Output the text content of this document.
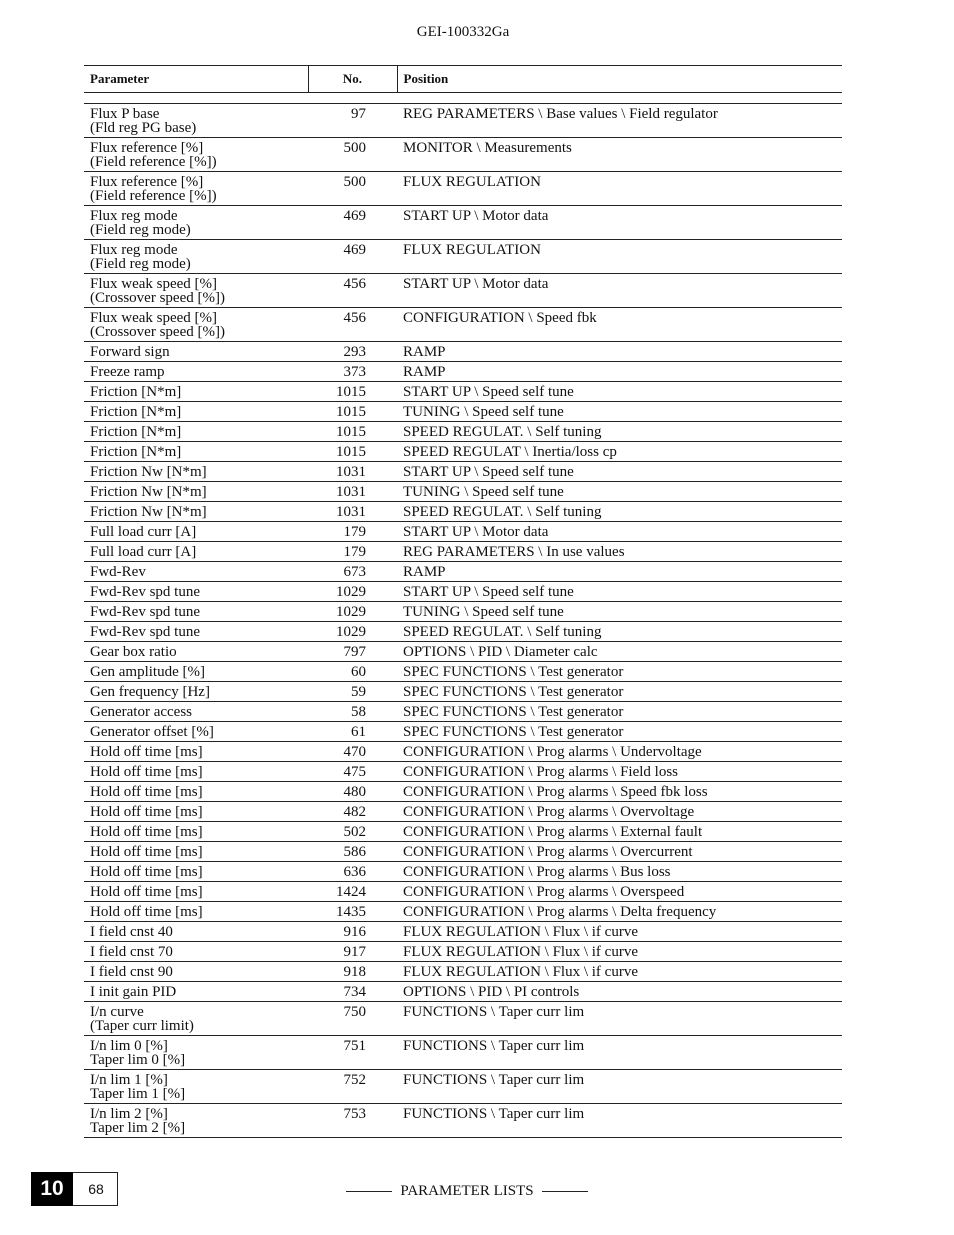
GEI-100332Ga
Parameter	No.	Position

Flux P base
(Fld reg PG base)	97	REG PARAMETERS \ Base values \ Field regulator

Flux reference [%]
(Field reference [%])	500	MONITOR \ Measurements

Flux reference [%]
(Field reference [%])	500	FLUX REGULATION

Flux reg mode
(Field reg mode)	469	START UP \ Motor data

Flux reg mode
(Field reg mode)	469	FLUX REGULATION

Flux weak speed [%]
(Crossover speed [%])	456	START UP \ Motor data

Flux weak speed [%]
(Crossover speed [%])	456	CONFIGURATION \ Speed fbk

Forward sign	293	RAMP

Freeze ramp	373	RAMP

Friction [N*m]	1015	START UP \ Speed self tune

Friction [N*m]	1015	TUNING \ Speed self tune

Friction [N*m]	1015	SPEED REGULAT. \ Self tuning

Friction [N*m]	1015	SPEED REGULAT \ Inertia/loss cp

Friction Nw [N*m]	1031	START UP \ Speed self tune

Friction Nw [N*m]	1031	TUNING \ Speed self tune

Friction Nw [N*m]	1031	SPEED REGULAT. \ Self tuning

Full load curr [A]	179	START UP \ Motor data

Full load curr [A]	179	REG PARAMETERS \ In use values

Fwd-Rev	673	RAMP

Fwd-Rev spd tune	1029	START UP \ Speed self tune

Fwd-Rev spd tune	1029	TUNING \ Speed self tune

Fwd-Rev spd tune	1029	SPEED REGULAT. \ Self tuning

Gear box ratio	797	OPTIONS \ PID \ Diameter calc

Gen amplitude [%]	60	SPEC FUNCTIONS \ Test generator

Gen frequency [Hz]	59	SPEC FUNCTIONS \ Test generator

Generator access	58	SPEC FUNCTIONS \ Test generator

Generator offset [%]	61	SPEC FUNCTIONS \ Test generator

Hold off time [ms]	470	CONFIGURATION \ Prog alarms \ Undervoltage

Hold off time [ms]	475	CONFIGURATION \ Prog alarms \ Field loss

Hold off time [ms]	480	CONFIGURATION \ Prog alarms \ Speed fbk loss

Hold off time [ms]	482	CONFIGURATION \ Prog alarms \ Overvoltage

Hold off time [ms]	502	CONFIGURATION \ Prog alarms \ External fault

Hold off time [ms]	586	CONFIGURATION \ Prog alarms \ Overcurrent

Hold off time [ms]	636	CONFIGURATION \ Prog alarms \ Bus loss

Hold off time [ms]	1424	CONFIGURATION \ Prog alarms \ Overspeed

Hold off time [ms]	1435	CONFIGURATION \ Prog alarms \ Delta frequency

I field cnst 40	916	FLUX REGULATION \ Flux \ if curve

I field cnst 70	917	FLUX REGULATION \ Flux \ if curve

I field cnst 90	918	FLUX REGULATION \ Flux \ if curve

I init gain PID	734	OPTIONS \ PID \ PI controls

I/n curve
(Taper curr limit)	750	FUNCTIONS \ Taper curr lim

I/n lim 0 [%]
Taper lim 0 [%]	751	FUNCTIONS \ Taper curr lim

I/n lim 1 [%]
Taper lim 1 [%]	752	FUNCTIONS \ Taper curr lim

I/n lim 2 [%]
Taper lim 2 [%]	753	FUNCTIONS \ Taper curr lim
10	68	PARAMETER LISTS
